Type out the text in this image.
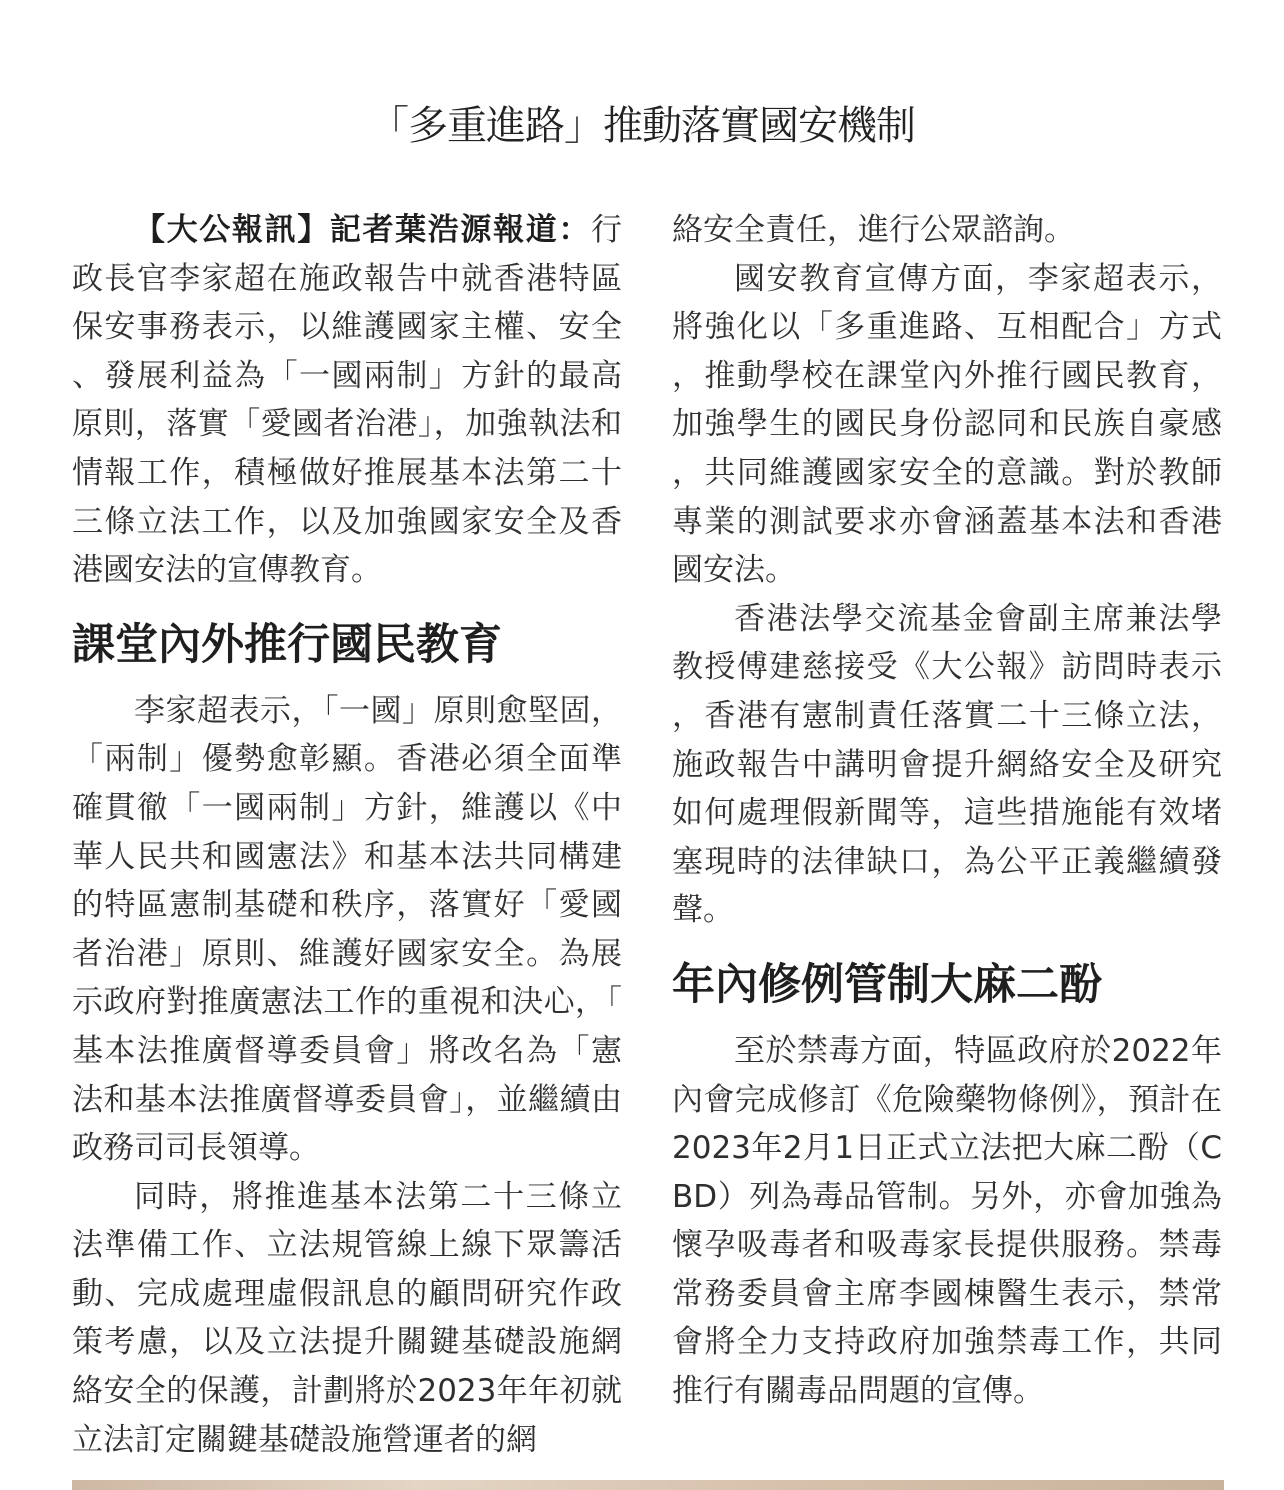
「多重進路」推動落實國安機制

【大公報訊】記者葉浩源報道：行政長官李家超在施政報告中就香港特區保安事務表示，以維護國家主權、安全、發展利益為「一國兩制」方針的最高原則，落實「愛國者治港」，加強執法和情報工作，積極做好推展基本法第二十三條立法工作，以及加強國家安全及香港國安法的宣傳教育。

課堂內外推行國民教育

李家超表示，「一國」原則愈堅固，「兩制」優勢愈彰顯。香港必須全面準確貫徹「一國兩制」方針，維護以《中華人民共和國憲法》和基本法共同構建的特區憲制基礎和秩序，落實好「愛國者治港」原則、維護好國家安全。為展示政府對推廣憲法工作的重視和決心，「基本法推廣督導委員會」將改名為「憲法和基本法推廣督導委員會」，並繼續由政務司司長領導。

同時，將推進基本法第二十三條立法準備工作、立法規管線上線下眾籌活動、完成處理虛假訊息的顧問研究作政策考慮，以及立法提升關鍵基礎設施網絡安全的保護，計劃將於2023年年初就立法訂定關鍵基礎設施營運者的網

絡安全責任，進行公眾諮詢。

國安教育宣傳方面，李家超表示，將強化以「多重進路、互相配合」方式，推動學校在課堂內外推行國民教育，加強學生的國民身份認同和民族自豪感，共同維護國家安全的意識。對於教師專業的測試要求亦會涵蓋基本法和香港國安法。

香港法學交流基金會副主席兼法學教授傅建慈接受《大公報》訪問時表示，香港有憲制責任落實二十三條立法，施政報告中講明會提升網絡安全及研究如何處理假新聞等，這些措施能有效堵塞現時的法律缺口，為公平正義繼續發聲。

年內修例管制大麻二酚

至於禁毒方面，特區政府於2022年內會完成修訂《危險藥物條例》，預計在2023年2月1日正式立法把大麻二酚（CBD）列為毒品管制。另外，亦會加強為懷孕吸毒者和吸毒家長提供服務。禁毒常務委員會主席李國棟醫生表示，禁常會將全力支持政府加強禁毒工作，共同推行有關毒品問題的宣傳。
